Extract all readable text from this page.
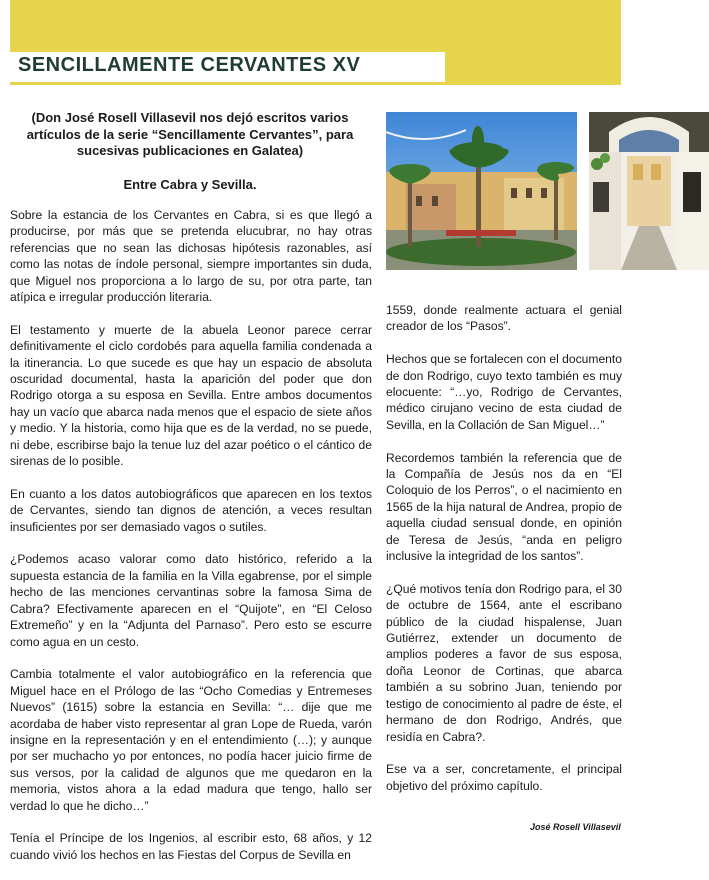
SENCILLAMENTE CERVANTES XV

(Don José Rosell Villasevil nos dejó escritos varios artículos de la serie “Sencillamente Cervantes”, para sucesivas publicaciones en Galatea)

Entre Cabra y Sevilla.

Sobre la estancia de los Cervantes en Cabra, si es que llegó a producirse, por más que se pretenda elucubrar, no hay otras referencias que no sean las dichosas hipótesis razonables, así como las notas de índole personal, siempre importantes sin duda, que Miguel nos proporciona a lo largo de su, por otra parte, tan atípica e irregular producción literaria.

El testamento y muerte de la abuela Leonor parece cerrar definitivamente el ciclo cordobés para aquella familia condenada a la itinerancia. Lo que sucede es que hay un espacio de absoluta oscuridad documental, hasta la aparición del poder que don Rodrigo otorga a su esposa en Sevilla. Entre ambos documentos hay un vacío que abarca nada menos que el espacio de siete años y medio. Y la historia, como hija que es de la verdad, no se puede, ni debe, escribirse bajo la tenue luz del azar poético o el cántico de sirenas de lo posible.

En cuanto a los datos autobiográficos que aparecen en los textos de Cervantes, siendo tan dignos de atención, a veces resultan insuficientes por ser demasiado vagos o sutiles.

¿Podemos acaso valorar como dato histórico, referido a la supuesta estancia de la familia en la Villa egabrense, por el simple hecho de las menciones cervantinas sobre la famosa Sima de Cabra? Efectivamente aparecen en el “Quijote”, en “El Celoso Extremeño” y en la “Adjunta del Parnaso”. Pero esto se escurre como agua en un cesto.

Cambia totalmente el valor autobiográfico en la referencia que Miguel hace en el Prólogo de las “Ocho Comedias y Entremeses Nuevos” (1615) sobre la estancia en Sevilla: “… dije que me acordaba de haber visto representar al gran Lope de Rueda, varón insigne en la representación y en el entendimiento (…); y aunque por ser muchacho yo por entonces, no podía hacer juicio firme de sus versos, por la calidad de algunos que me quedaron en la memoria, vistos ahora a la edad madura que tengo, hallo ser verdad lo que he dicho…”

Tenía el Príncipe de los Ingenios, al escribir esto, 68 años, y 12 cuando vivió los hechos en las Fiestas del Corpus de Sevilla en

1559, donde realmente actuara el genial creador de los “Pasos”.

Hechos que se fortalecen con el documento de don Rodrigo, cuyo texto también es muy elocuente: “…yo, Rodrigo de Cervantes, médico cirujano vecino de esta ciudad de Sevilla, en la Collación de San Miguel…”

Recordemos también la referencia que de la Compañía de Jesús nos da en “El Coloquio de los Perros”, o el nacimiento en 1565 de la hija natural de Andrea, propio de aquella ciudad sensual donde, en opinión de Teresa de Jesús, “anda en peligro inclusive la integridad de los santos”.

¿Qué motivos tenía don Rodrigo para, el 30 de octubre de 1564, ante el escribano público de la ciudad hispalense, Juan Gutiérrez, extender un documento de amplios poderes a favor de sus esposa, doña Leonor de Cortinas, que abarca también a su sobrino Juan, teniendo por testigo de conocimiento al padre de éste, el hermano de don Rodrigo, Andrés, que residía en Cabra?.

Ese va a ser, concretamente, el principal objetivo del próximo capítulo.

José Rosell Villasevil
